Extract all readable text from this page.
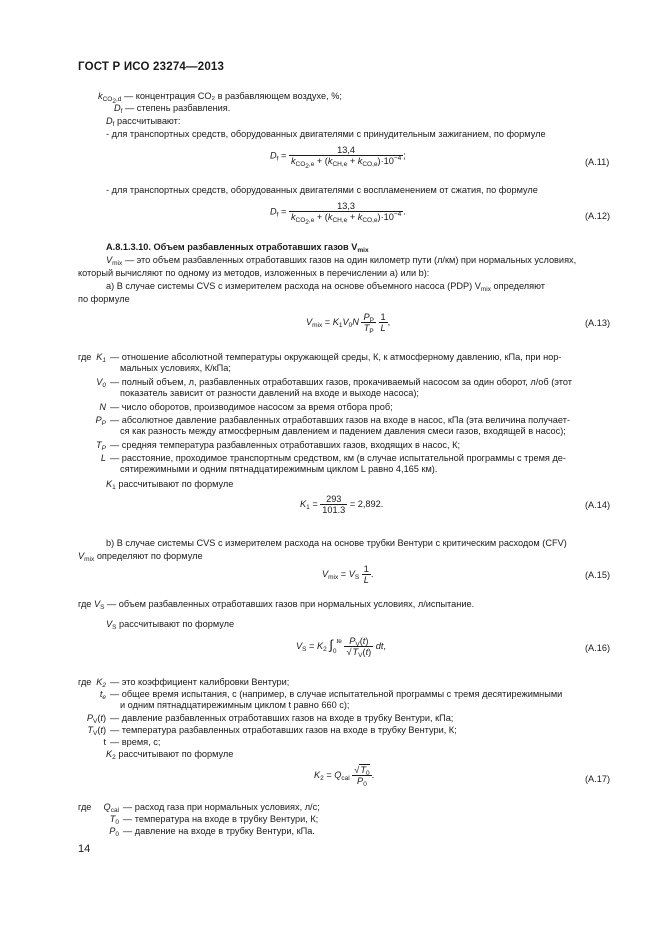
ГОСТ Р ИСО 23274—2013
$k_{CO_2,d}$ — концентрация CO₂ в разбавляющем воздухе, %;
$D_f$ — степень разбавления.
$D_f$ рассчитывают:
- для транспортных средств, оборудованных двигателями с принудительным зажиганием, по формуле
$D_f = \frac{13,4}{k_{CO_2,e} + (k_{CH,e} + k_{CO,e})\cdot 10^{-4}}$ ;
(A.11)
- для транспортных средств, оборудованных двигателями с воспламенением от сжатия, по формуле
$D_f = \frac{13,3}{k_{CO_2,e} + (k_{CH,e} + k_{CO,e})\cdot 10^{-4}}$ .	(A.12)
A.8.1.3.10. Объем разбавленных отработавших газов $V_{mix}$
$V_{mix}$ — это объем разбавленных отработавших газов на один километр пути (л/км) при нормальных условиях,
который вычисляют по одному из методов, изложенных в перечислении а) или b):
а) В случае системы CVS с измерителем расхода на основе объемного насоса (PDP) $V_{mix}$ определяют
по формуле
$V_{mix} = K_1V_0N \frac{P_P}{T_P}$
$\frac{1}{L}$ ,	(A.13)
где $K_1$ — отношение абсолютной температуры окружающей среды, К, к атмосферному давлению, кПа, при нор-
мальных условиях, К/кПа;
$V_0$ — полный объем, л, разбавленных отработавших газов, прокачиваемый насосом за один оборот, л/об (этот
показатель зависит от разности давлений на входе и выходе насоса);
N — число оборотов, производимое насосом за время отбора проб;
$P_P$ — абсолютное давление разбавленных отработавших газов на входе в насос, кПа (эта величина получает-
ся как разность между атмосферным давлением и падением давления смеси газов, входящей в насос);
$T_P$ — средняя температура разбавленных отработавших газов, входящих в насос, К;
L — расстояние, проходимое транспортным средством, км (в случае испытательной программы с тремя де-
сятирежимными и одним пятнадцатирежимным циклом L равно 4,165 км).
$K_1$ рассчитывают по формуле
$K_1 = \frac{293}{101.3} = 2,892$.	(A.14)
b) В случае системы CVS с измерителем расхода на основе трубки Вентури с критическим расходом (CFV)
$V_{mix}$ определяют по формуле
$V_{mix} = V_S \frac{1}{L}$ .	(A.15)
где $V_S$ — объем разбавленных отработавших газов при нормальных условиях, л/испытание.
$V_S$ рассчитывают по формуле
$V_S = K_2$ $\int_0^{te} \frac{P_V(t)}{√T_V(t)}$ dt,	(A.16)
где $K_2$ — это коэффициент калибровки Вентури;
$t_e$ — общее время испытания, с (например, в случае испытательной программы с тремя десятирежимными
и одним пятнадцатирежимным циклом t равно 660 с);
$P_V(t)$ — давление разбавленных отработавших газов на входе в трубку Вентури, кПа;
$T_V(t)$ — температура разбавленных отработавших газов на входе в трубку Вентури, К;
t — время, с;
$K_2$ рассчитывают по формуле
$K_2 = Q_{cal} \frac{√T_0}{P_0}$ .	(A.17)
где $Q_{cal}$ — расход газа при нормальных условиях, л/с;
$T_0$ — температура на входе в трубку Вентури, К;
$P_0$ — давление на входе в трубку Вентури, кПа.
14
